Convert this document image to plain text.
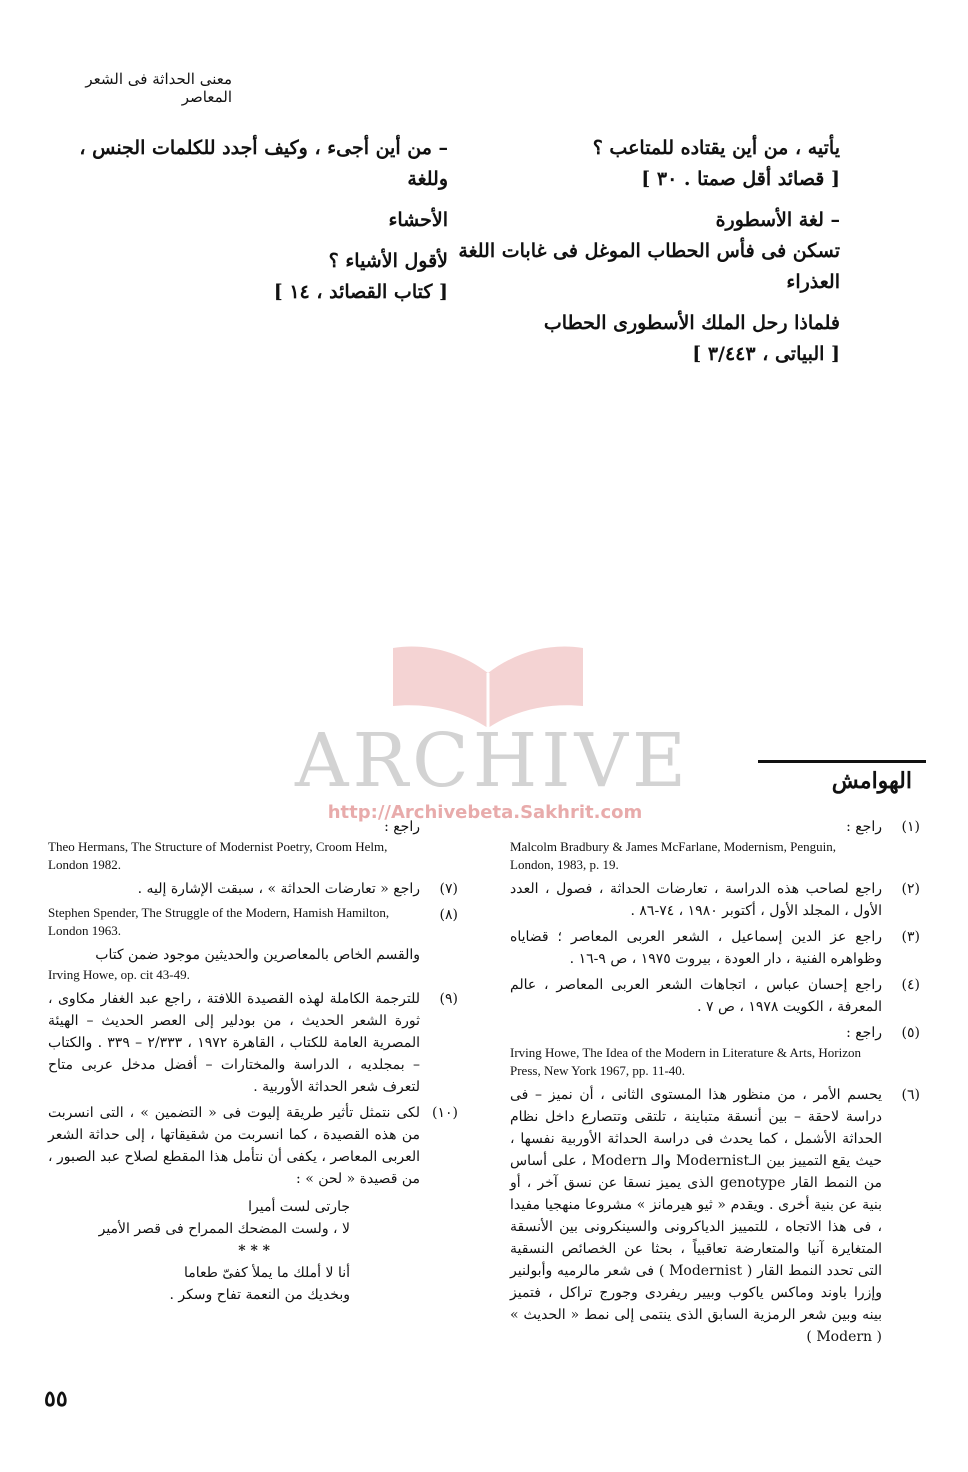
معنى الحداثة فى الشعر المعاصر
يأتيه ، من أين يقتاده للمتاعب ؟
[ قصائد أقل صمتا . ٣٠ ]
– لغة الأسطورة
تسكن فى فأس الحطاب الموغل فى غابات اللغة
العذراء
فلماذا رحل الملك الأسطورى الحطاب
[ البياتى ، ٣/٤٤٣ ]
– من أين أجىء ، وكيف أجدد للكلمات الجنس ،
وللغة
الأحشاء
لأقول الأشياء ؟
[ كتاب القصائد ، ١٤ ]
ARCHIVE
http://Archivebeta.Sakhrit.com
الهوامش
(١)
راجع :
Malcolm Bradbury & James McFarlane, Modernism, Penguin, London, 1983, p. 19.
(٢)
راجع لصاحب هذه الدراسة ، تعارضات الحداثة ، فصول ، العدد الأول ، المجلد الأول ، أكتوبر ١٩٨٠ ، ٧٤-٨٦ .
(٣)
راجع عز الدين إسماعيل ، الشعر العربى المعاصر ؛ قضاياه وظواهره الفنية ، دار العودة ، بيروت ١٩٧٥ ، ص ٩-١٦ .
(٤)
راجع إحسان عباس ، اتجاهات الشعر العربى المعاصر ، عالم المعرفة ، الكويت ١٩٧٨ ، ص ٧ .
(٥)
راجع :
Irving Howe, The Idea of the Modern in Literature & Arts, Horizon Press, New York 1967, pp. 11-40.
(٦)
يحسم الأمر ، من منظور هذا المستوى الثانى ، أن نميز – فى دراسة لاحقة – بين أنسقة متباينة ، تلتقى وتتصارع داخل نظام الحداثة الأشمل ، كما يحدث فى دراسة الحداثة الأوربية نفسها ، حيث يقع التمييز بين الـModernist والـ Modern ، على أساس من النمط القار genotype الذى يميز نسقا عن نسق آخر ، أو بنية عن بنية أخرى . ويقدم « ثيو هيرمانز » مشروعا منهجيا مفيدا ، فى هذا الاتجاه ، للتمييز الدياكرونى والسينكرونى بين الأنسقة المتغايرة آنيا والمتعارضة تعاقبياً ، بحثا عن الخصائص النسقية التى تحدد النمط القار ( Modernist ) فى شعر مالرميه وأبولنير وإزرا باوند وماكس ياكوب وبيير ريفردى وجورج تراكل ، فتميز بينه وبين شعر الرمزية السابق الذى ينتمى إلى نمط « الحديث » ( Modern )
راجع :
Theo Hermans, The Structure of Modernist Poetry, Croom Helm, London 1982.
(٧)
راجع « تعارضات الحداثة » ، سبقت الإشارة إليه .
(٨)
Stephen Spender, The Struggle of the Modern, Hamish Hamilton, London 1963.
والقسم الخاص بالمعاصرين والحديثين موجود ضمن كتاب
Irving Howe, op. cit 43-49.
(٩)
للترجمة الكاملة لهذه القصيدة اللافتة ، راجع عبد الغفار مكاوى ، ثورة الشعر الحديث ، من بودلير إلى العصر الحديث – الهيئة المصرية العامة للكتاب ، القاهرة ١٩٧٢ ، ٢/٣٣٣ – ٣٣٩ . والكتاب – بمجلديه ، الدراسة والمختارات – أفضل مدخل عربى متاح لتعرف شعر الحداثة الأوربية .
(١٠)
لكى نتمثل تأثير طريقة إليوت فى « التضمين » ، التى انسربت من هذه القصيدة ، كما انسربت من شقيقاتها ، إلى حداثة الشعر العربى المعاصر ، يكفى أن نتأمل هذا المقطع لصلاح عبد الصبور ، من قصيدة « لحن » :
جارتى لست أميرا
لا ، ولست المضحك الممراح فى قصر الأمير
* * *
أنا لا أملك ما يملأ كفىّ طعاما
وبخديك من النعمة تفاح وسكر .
٥٥
